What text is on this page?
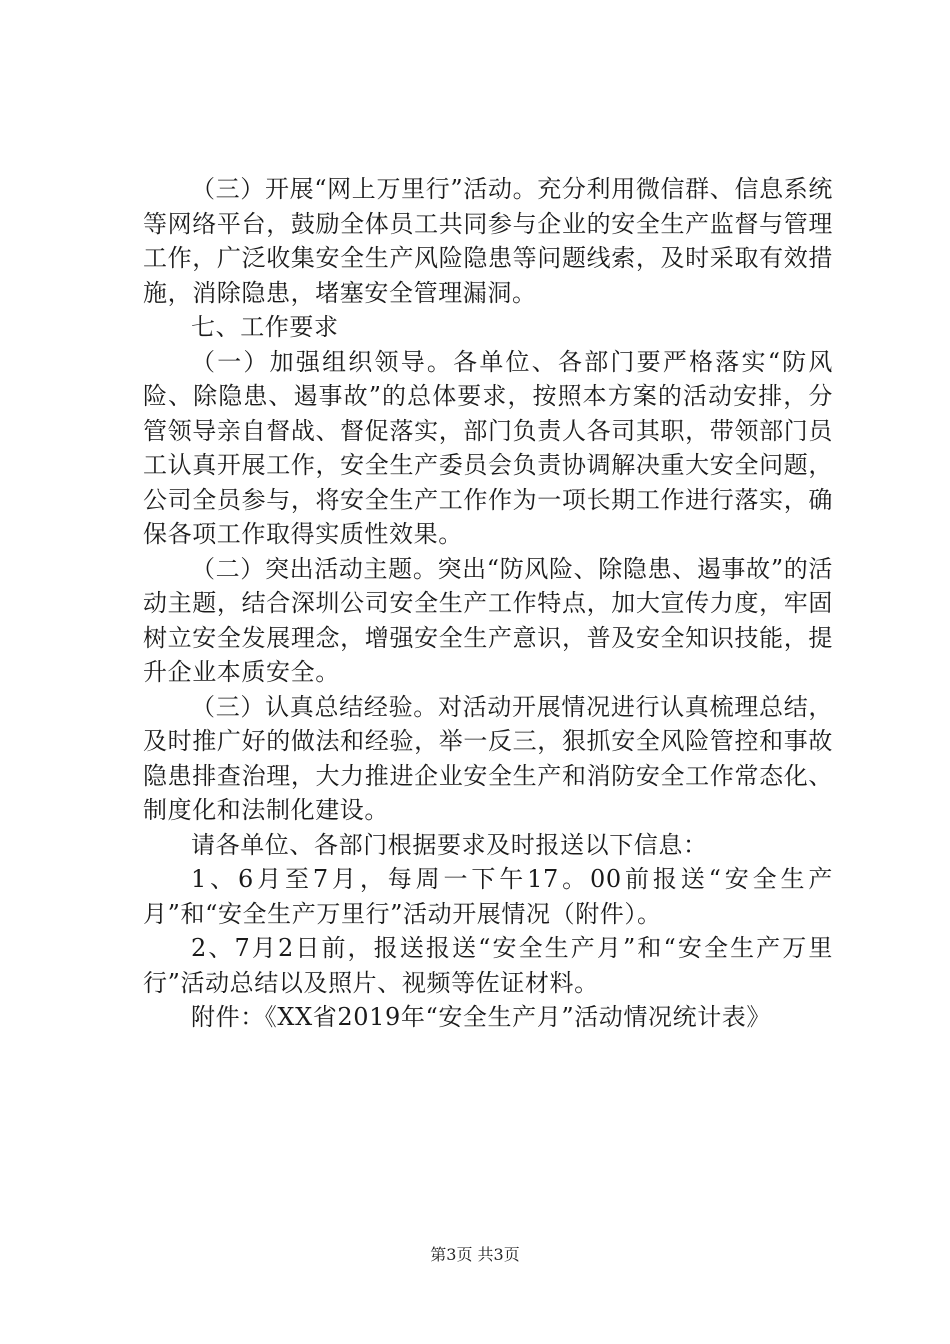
（三）开展“网上万里行”活动。充分利用微信群、信息系统等网络平台，鼓励全体员工共同参与企业的安全生产监督与管理工作，广泛收集安全生产风险隐患等问题线索，及时采取有效措施，消除隐患，堵塞安全管理漏洞。

七、工作要求

（一）加强组织领导。各单位、各部门要严格落实“防风险、除隐患、遏事故”的总体要求，按照本方案的活动安排，分管领导亲自督战、督促落实，部门负责人各司其职，带领部门员工认真开展工作，安全生产委员会负责协调解决重大安全问题，公司全员参与，将安全生产工作作为一项长期工作进行落实，确保各项工作取得实质性效果。

（二）突出活动主题。突出“防风险、除隐患、遏事故”的活动主题，结合深圳公司安全生产工作特点，加大宣传力度，牢固树立安全发展理念，增强安全生产意识，普及安全知识技能，提升企业本质安全。

（三）认真总结经验。对活动开展情况进行认真梳理总结，及时推广好的做法和经验，举一反三，狠抓安全风险管控和事故隐患排查治理，大力推进企业安全生产和消防安全工作常态化、制度化和法制化建设。

请各单位、各部门根据要求及时报送以下信息：

1、6月至7月，每周一下午17。00前报送“安全生产月”和“安全生产万里行”活动开展情况（附件）。

2、7月2日前，报送报送“安全生产月”和“安全生产万里行”活动总结以及照片、视频等佐证材料。

附件：《XX省2019年“安全生产月”活动情况统计表》

第3页 共3页
